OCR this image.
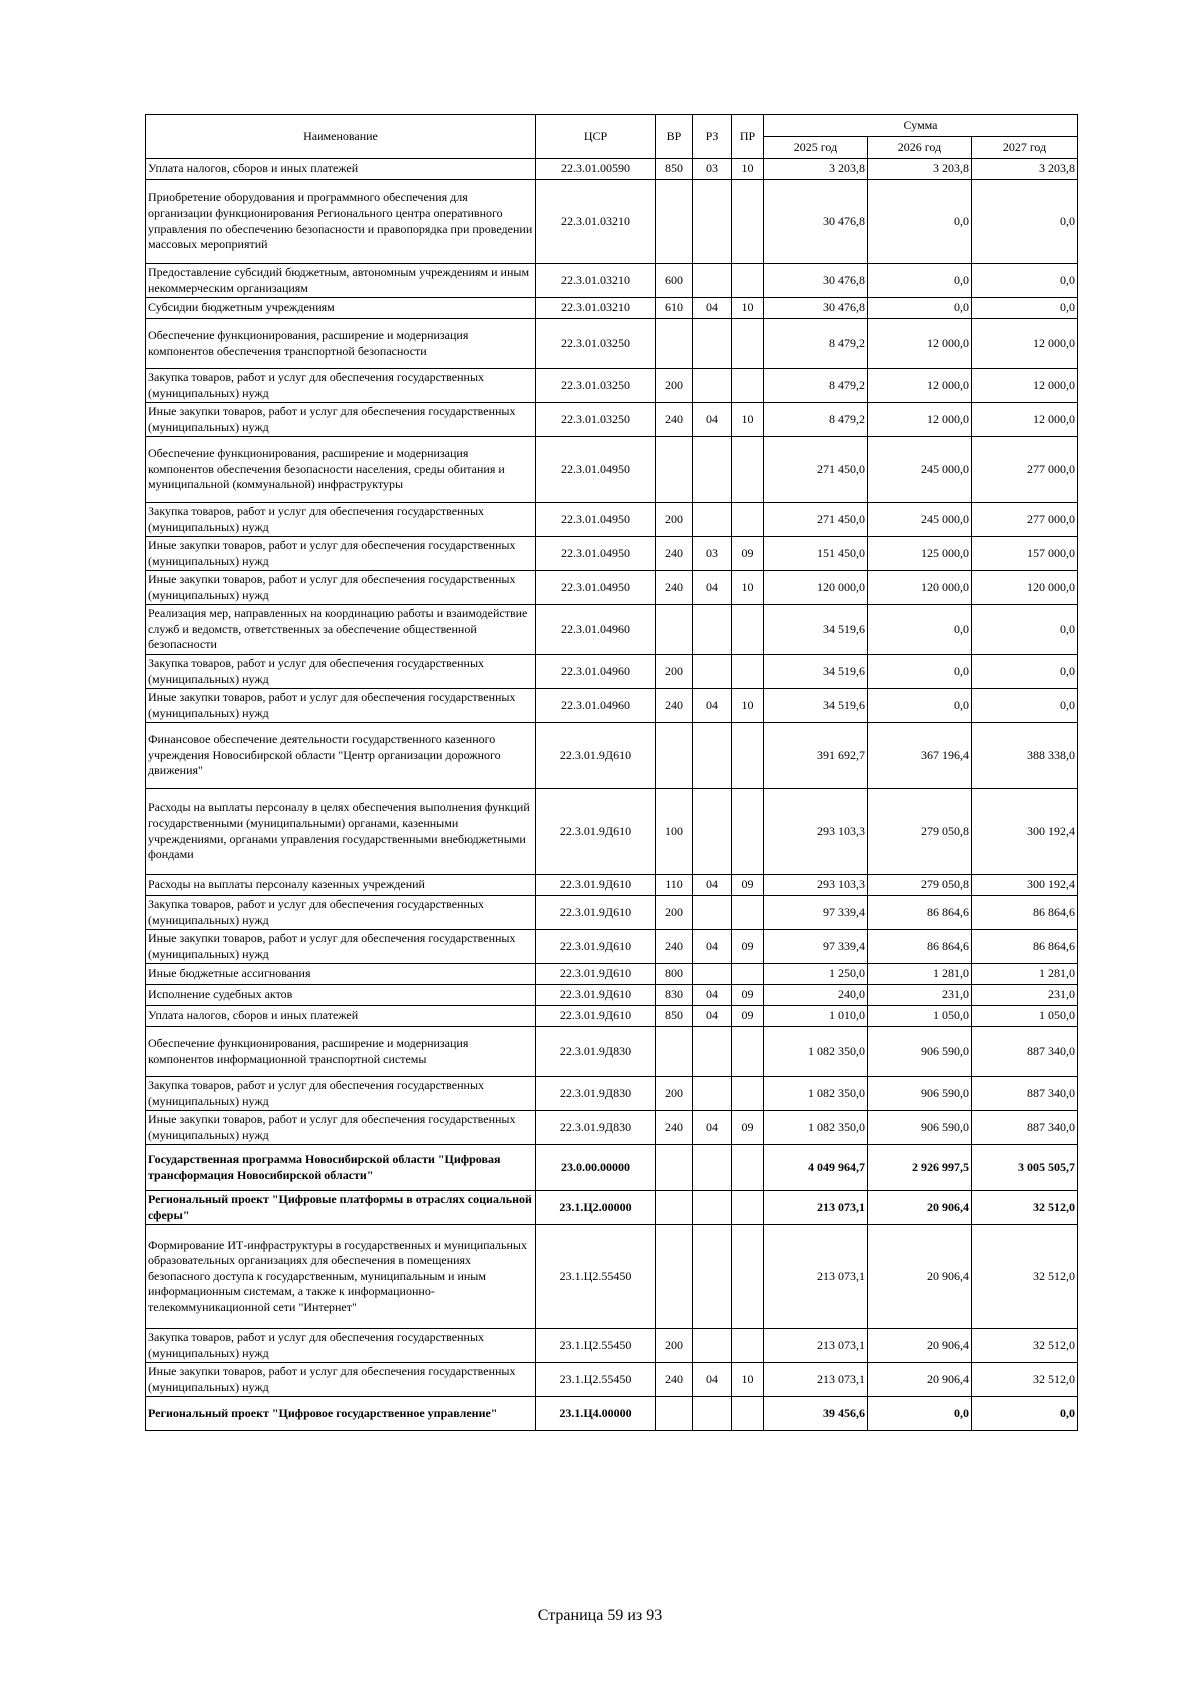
Наименование	ЦСР	ВР	РЗ	ПР	Сумма		
					2025 год	2026 год	2027 год
Уплата налогов, сборов и иных платежей	22.3.01.00590	850	03	10	3 203,8	3 203,8	3 203,8
Приобретение оборудования и программного обеспечения для организации функционирования Регионального центра оперативного управления по обеспечению безопасности и правопорядка при проведении массовых мероприятий	22.3.01.03210				30 476,8	0,0	0,0
Предоставление субсидий бюджетным, автономным учреждениям и иным некоммерческим организациям	22.3.01.03210	600			30 476,8	0,0	0,0
Субсидии бюджетным учреждениям	22.3.01.03210	610	04	10	30 476,8	0,0	0,0
Обеспечение функционирования, расширение и модернизация компонентов обеспечения транспортной безопасности	22.3.01.03250				8 479,2	12 000,0	12 000,0
Закупка товаров, работ и услуг для обеспечения государственных (муниципальных) нужд	22.3.01.03250	200			8 479,2	12 000,0	12 000,0
Иные закупки товаров, работ и услуг для обеспечения государственных (муниципальных) нужд	22.3.01.03250	240	04	10	8 479,2	12 000,0	12 000,0
Обеспечение функционирования, расширение и модернизация компонентов обеспечения безопасности населения, среды обитания и муниципальной (коммунальной) инфраструктуры	22.3.01.04950				271 450,0	245 000,0	277 000,0
Закупка товаров, работ и услуг для обеспечения государственных (муниципальных) нужд	22.3.01.04950	200			271 450,0	245 000,0	277 000,0
Иные закупки товаров, работ и услуг для обеспечения государственных (муниципальных) нужд	22.3.01.04950	240	03	09	151 450,0	125 000,0	157 000,0
Иные закупки товаров, работ и услуг для обеспечения государственных (муниципальных) нужд	22.3.01.04950	240	04	10	120 000,0	120 000,0	120 000,0
Реализация мер, направленных на координацию работы и взаимодействие служб и ведомств, ответственных за обеспечение общественной безопасности	22.3.01.04960				34 519,6	0,0	0,0
Закупка товаров, работ и услуг для обеспечения государственных (муниципальных) нужд	22.3.01.04960	200			34 519,6	0,0	0,0
Иные закупки товаров, работ и услуг для обеспечения государственных (муниципальных) нужд	22.3.01.04960	240	04	10	34 519,6	0,0	0,0
Финансовое обеспечение деятельности государственного казенного учреждения Новосибирской области "Центр организации дорожного движения"	22.3.01.9Д610				391 692,7	367 196,4	388 338,0
Расходы на выплаты персоналу в целях обеспечения выполнения функций государственными (муниципальными) органами, казенными учреждениями, органами управления государственными внебюджетными фондами	22.3.01.9Д610	100			293 103,3	279 050,8	300 192,4
Расходы на выплаты персоналу казенных учреждений	22.3.01.9Д610	110	04	09	293 103,3	279 050,8	300 192,4
Закупка товаров, работ и услуг для обеспечения государственных (муниципальных) нужд	22.3.01.9Д610	200			97 339,4	86 864,6	86 864,6
Иные закупки товаров, работ и услуг для обеспечения государственных (муниципальных) нужд	22.3.01.9Д610	240	04	09	97 339,4	86 864,6	86 864,6
Иные бюджетные ассигнования	22.3.01.9Д610	800			1 250,0	1 281,0	1 281,0
Исполнение судебных актов	22.3.01.9Д610	830	04	09	240,0	231,0	231,0
Уплата налогов, сборов и иных платежей	22.3.01.9Д610	850	04	09	1 010,0	1 050,0	1 050,0
Обеспечение функционирования, расширение и модернизация компонентов информационной транспортной системы	22.3.01.9Д830				1 082 350,0	906 590,0	887 340,0
Закупка товаров, работ и услуг для обеспечения государственных (муниципальных) нужд	22.3.01.9Д830	200			1 082 350,0	906 590,0	887 340,0
Иные закупки товаров, работ и услуг для обеспечения государственных (муниципальных) нужд	22.3.01.9Д830	240	04	09	1 082 350,0	906 590,0	887 340,0
Государственная программа Новосибирской области "Цифровая трансформация Новосибирской области"	23.0.00.00000				4 049 964,7	2 926 997,5	3 005 505,7
Региональный проект "Цифровые платформы в отраслях социальной сферы"	23.1.Ц2.00000				213 073,1	20 906,4	32 512,0
Формирование ИТ-инфраструктуры в государственных и муниципальных образовательных организациях для обеспечения в помещениях безопасного доступа к государственным, муниципальным и иным информационным системам, а также к информационно-телекоммуникационной сети "Интернет"	23.1.Ц2.55450				213 073,1	20 906,4	32 512,0
Закупка товаров, работ и услуг для обеспечения государственных (муниципальных) нужд	23.1.Ц2.55450	200			213 073,1	20 906,4	32 512,0
Иные закупки товаров, работ и услуг для обеспечения государственных (муниципальных) нужд	23.1.Ц2.55450	240	04	10	213 073,1	20 906,4	32 512,0
Региональный проект "Цифровое государственное управление"	23.1.Ц4.00000				39 456,6	0,0	0,0
Страница 59 из 93
